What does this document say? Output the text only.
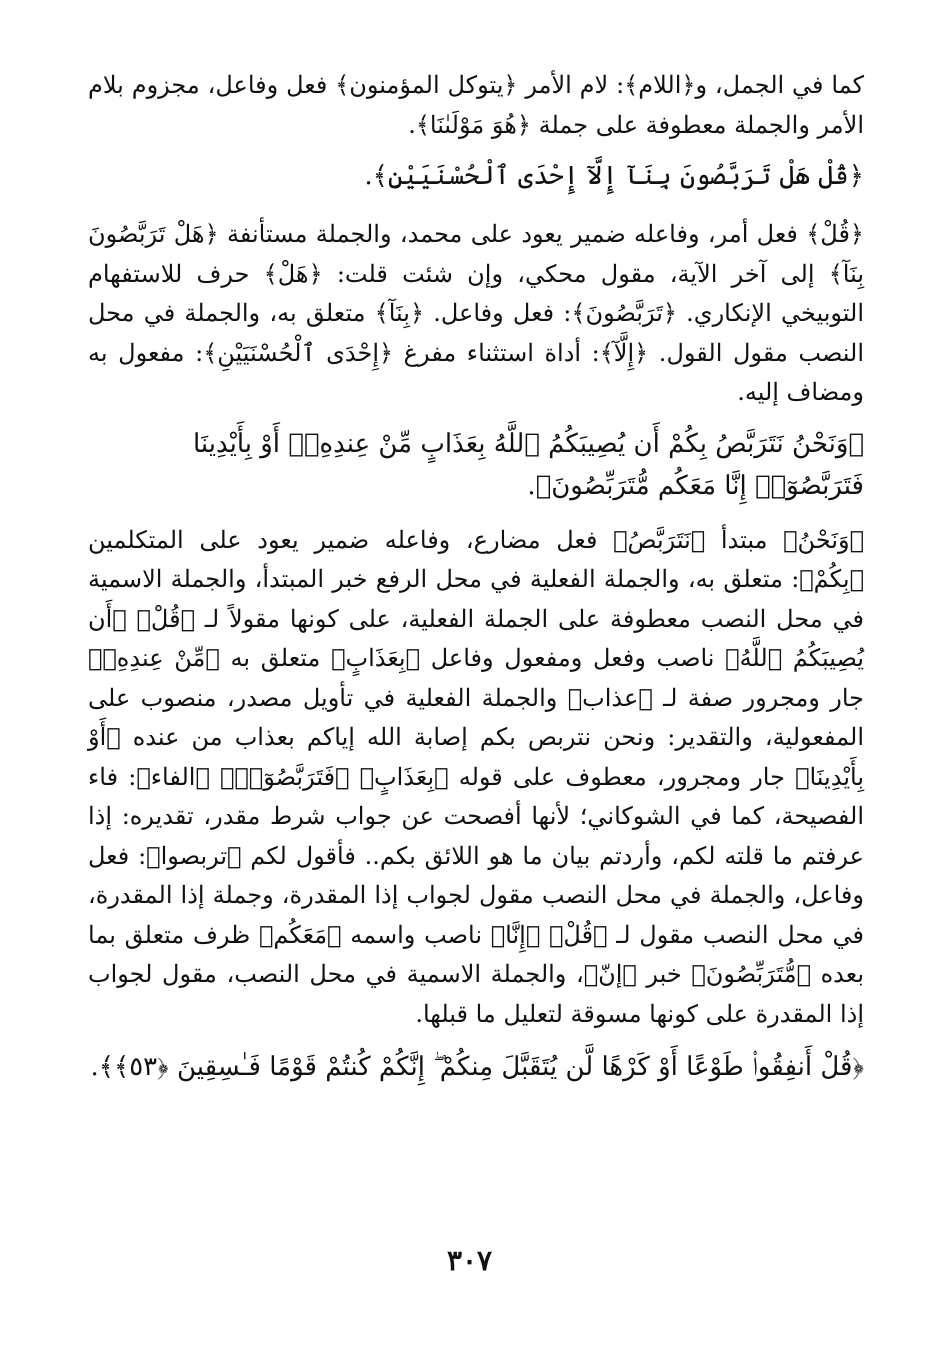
كما في الجمل، و﴿اللام﴾: لام الأمر ﴿يتوكل المؤمنون﴾ فعل وفاعل، مجزوم بلام الأمر والجملة معطوفة على جملة ﴿هُوَ مَوْلَىٰنَا﴾.

﴿قُلْ هَلْ تَرَبَّصُونَ بِنَآ إِلَّآ إِحْدَى ٱلْحُسْنَيَيْنِ﴾.

﴿قُلْ﴾ فعل أمر، وفاعله ضمير يعود على محمد، والجملة مستأنفة ﴿هَلْ تَرَبَّصُونَ بِنَآ﴾ إلى آخر الآية، مقول محكي، وإن شئت قلت: ﴿هَلْ﴾ حرف للاستفهام التوبيخي الإنكاري. ﴿تَرَبَّصُونَ﴾: فعل وفاعل. ﴿بِنَآ﴾ متعلق به، والجملة في محل النصب مقول القول. ﴿إِلَّآ﴾: أداة استثناء مفرغ ﴿إِحْدَى ٱلْحُسْنَيَيْنِ﴾: مفعول به ومضاف إليه.

﴿وَنَحْنُ نَتَرَبَّصُ بِكُمْ أَن يُصِيبَكُمُ ٱللَّهُ بِعَذَابٍ مِّنْ عِندِهِۦٓ أَوْ بِأَيْدِينَا فَتَرَبَّصُوٓا۟ إِنَّا مَعَكُم مُّتَرَبِّصُونَ﴾.

﴿وَنَحْنُ﴾ مبتدأ ﴿نَتَرَبَّصُ﴾ فعل مضارع، وفاعله ضمير يعود على المتكلمين ﴿بِكُمْ﴾: متعلق به، والجملة الفعلية في محل الرفع خبر المبتدأ، والجملة الاسمية في محل النصب معطوفة على الجملة الفعلية، على كونها مقولاً لـ ﴿قُلْ﴾ ﴿أَن يُصِيبَكُمُ ٱللَّهُ﴾ ناصب وفعل ومفعول وفاعل ﴿بِعَذَابٍ﴾ متعلق به ﴿مِّنْ عِندِهِۦ﴾ جار ومجرور صفة لـ ﴿عذاب﴾ والجملة الفعلية في تأويل مصدر، منصوب على المفعولية، والتقدير: ونحن نتربص بكم إصابة الله إياكم بعذاب من عنده ﴿أَوْ بِأَيْدِينَا﴾ جار ومجرور، معطوف على قوله ﴿بِعَذَابٍ﴾ ﴿فَتَرَبَّصُوٓا۟﴾ ﴿الفاء﴾: فاء الفصيحة، كما في الشوكاني؛ لأنها أفصحت عن جواب شرط مقدر، تقديره: إذا عرفتم ما قلته لكم، وأردتم بيان ما هو اللائق بكم.. فأقول لكم ﴿تربصوا﴾: فعل وفاعل، والجملة في محل النصب مقول لجواب إذا المقدرة، وجملة إذا المقدرة، في محل النصب مقول لـ ﴿قُلْ﴾ ﴿إِنَّا﴾ ناصب واسمه ﴿مَعَكُم﴾ ظرف متعلق بما بعده ﴿مُّتَرَبِّصُونَ﴾ خبر ﴿إنّ﴾، والجملة الاسمية في محل النصب، مقول لجواب إذا المقدرة على كونها مسوقة لتعليل ما قبلها.

﴿قُلْ أَنفِقُوا۟ طَوْعًا أَوْ كَرْهًا لَّن يُتَقَبَّلَ مِنكُمْ ۖ إِنَّكُمْ كُنتُمْ قَوْمًا فَـٰسِقِينَ ﴿٥٣﴾﴾.

٣٠٧
